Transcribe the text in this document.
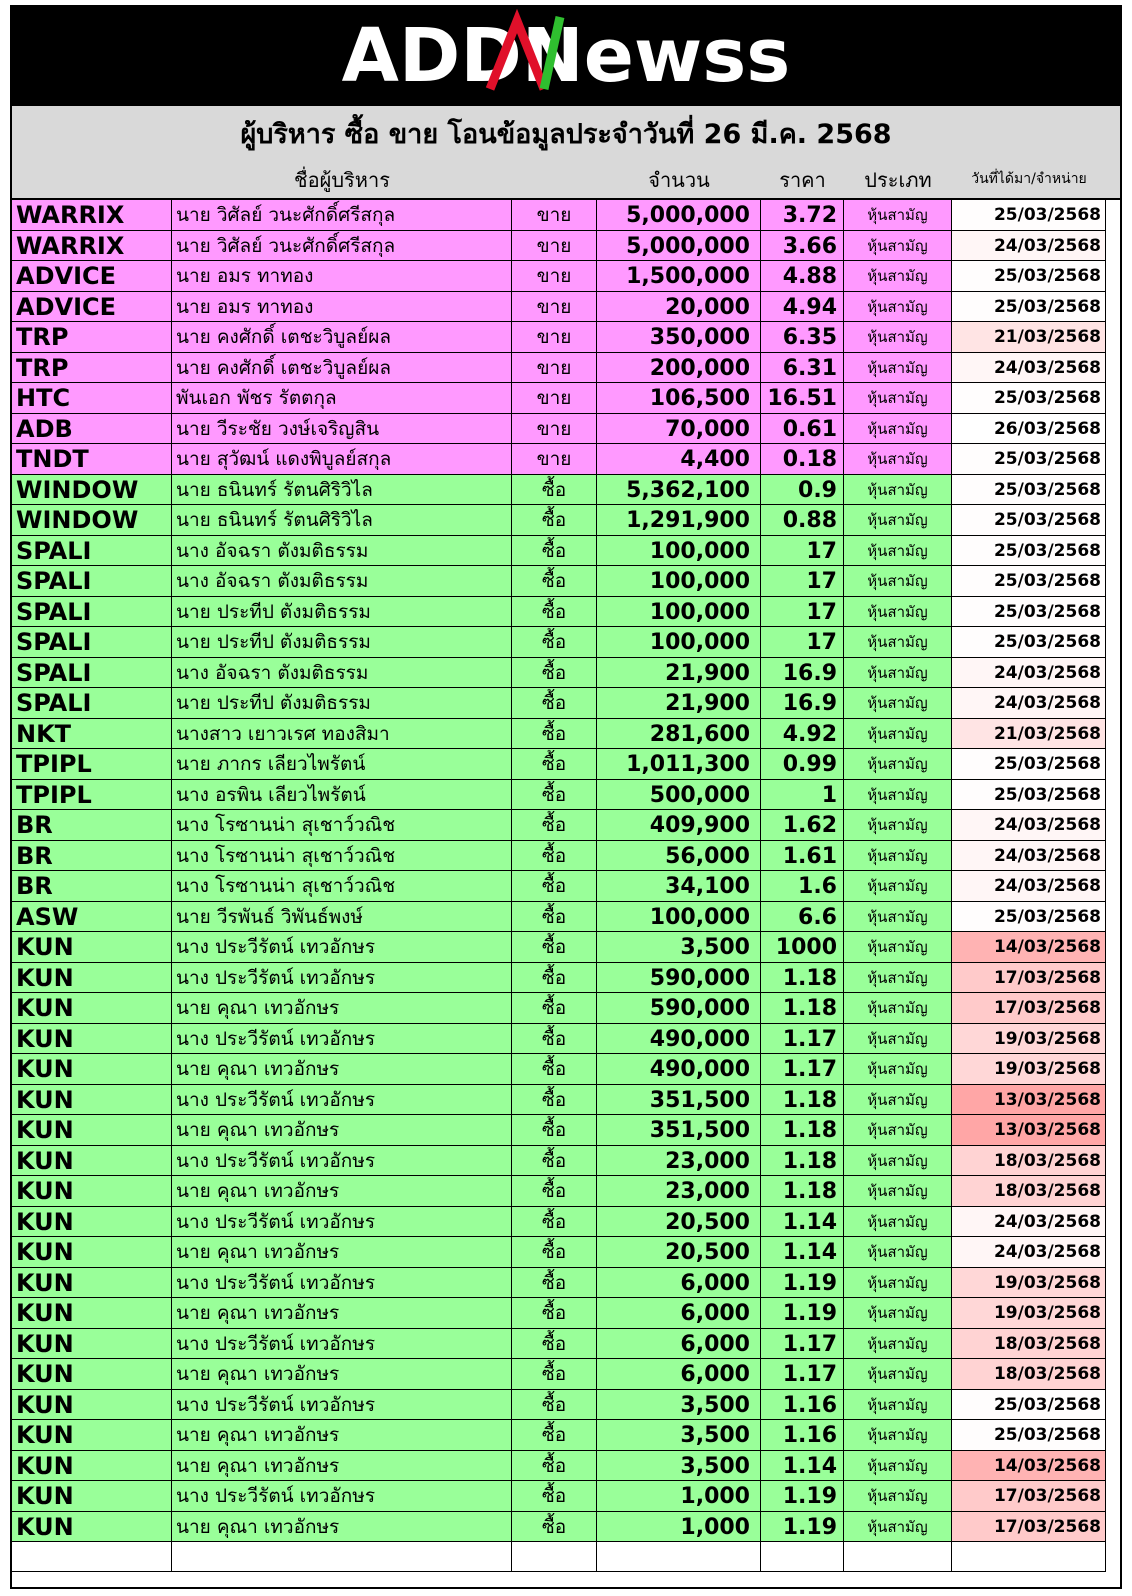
ADDNewss
ผู้บริหาร ซื้อ ขาย โอนข้อมูลประจำวันที่ 26 มี.ค. 2568
ชื่อผู้บริหาร	จำนวน	ราคา	ประเภท	วันที่ได้มา/จำหน่าย
WARRIX	นาย วิศัลย์ วนะศักดิ์ศรีสกุล	ขาย	5,000,000	3.72	หุ้นสามัญ	25/03/2568
WARRIX	นาย วิศัลย์ วนะศักดิ์ศรีสกุล	ขาย	5,000,000	3.66	หุ้นสามัญ	24/03/2568
ADVICE	นาย อมร ทาทอง	ขาย	1,500,000	4.88	หุ้นสามัญ	25/03/2568
ADVICE	นาย อมร ทาทอง	ขาย	20,000	4.94	หุ้นสามัญ	25/03/2568
TRP	นาย คงศักดิ์ เตชะวิบูลย์ผล	ขาย	350,000	6.35	หุ้นสามัญ	21/03/2568
TRP	นาย คงศักดิ์ เตชะวิบูลย์ผล	ขาย	200,000	6.31	หุ้นสามัญ	24/03/2568
HTC	พันเอก พัชร รัตตกุล	ขาย	106,500 16.51	หุ้นสามัญ	25/03/2568
ADB	นาย วีระชัย วงษ์เจริญสิน	ขาย	70,000	0.61	หุ้นสามัญ	26/03/2568
TNDT	นาย สุวัฒน์ แดงพิบูลย์สกุล	ขาย	4,400	0.18	หุ้นสามัญ	25/03/2568
WINDOW	นาย ธนินทร์ รัตนศิริวิไล	ซื้อ	5,362,100	0.9	หุ้นสามัญ	25/03/2568
WINDOW	นาย ธนินทร์ รัตนศิริวิไล	ซื้อ	1,291,900	0.88	หุ้นสามัญ	25/03/2568
SPALI	นาง อัจฉรา ตังมติธรรม	ซื้อ	100,000	17	หุ้นสามัญ	25/03/2568
SPALI	นาง อัจฉรา ตังมติธรรม	ซื้อ	100,000	17	หุ้นสามัญ	25/03/2568
SPALI	นาย ประทีป ตังมติธรรม	ซื้อ	100,000	17	หุ้นสามัญ	25/03/2568
SPALI	นาย ประทีป ตังมติธรรม	ซื้อ	100,000	17	หุ้นสามัญ	25/03/2568
SPALI	นาง อัจฉรา ตังมติธรรม	ซื้อ	21,900	16.9	หุ้นสามัญ	24/03/2568
SPALI	นาย ประทีป ตังมติธรรม	ซื้อ	21,900	16.9	หุ้นสามัญ	24/03/2568
NKT	นางสาว เยาวเรศ ทองสิมา	ซื้อ	281,600	4.92	หุ้นสามัญ	21/03/2568
TPIPL	นาย ภากร เลียวไพรัตน์	ซื้อ	1,011,300	0.99	หุ้นสามัญ	25/03/2568
TPIPL	นาง อรพิน เลียวไพรัตน์	ซื้อ	500,000	1	หุ้นสามัญ	25/03/2568
BR	นาง โรซานน่า สุเชาว์วณิช	ซื้อ	409,900	1.62	หุ้นสามัญ	24/03/2568
BR	นาง โรซานน่า สุเชาว์วณิช	ซื้อ	56,000	1.61	หุ้นสามัญ	24/03/2568
BR	นาง โรซานน่า สุเชาว์วณิช	ซื้อ	34,100	1.6	หุ้นสามัญ	24/03/2568
ASW	นาย วีรพันธ์ วิพันธ์พงษ์	ซื้อ	100,000	6.6	หุ้นสามัญ	25/03/2568
KUN	นาง ประวีรัตน์ เทวอักษร	ซื้อ	3,500	1000	หุ้นสามัญ	14/03/2568
KUN	นาง ประวีรัตน์ เทวอักษร	ซื้อ	590,000	1.18	หุ้นสามัญ	17/03/2568
KUN	นาย คุณา เทวอักษร	ซื้อ	590,000	1.18	หุ้นสามัญ	17/03/2568
KUN	นาง ประวีรัตน์ เทวอักษร	ซื้อ	490,000	1.17	หุ้นสามัญ	19/03/2568
KUN	นาย คุณา เทวอักษร	ซื้อ	490,000	1.17	หุ้นสามัญ	19/03/2568
KUN	นาง ประวีรัตน์ เทวอักษร	ซื้อ	351,500	1.18	หุ้นสามัญ	13/03/2568
KUN	นาย คุณา เทวอักษร	ซื้อ	351,500	1.18	หุ้นสามัญ	13/03/2568
KUN	นาง ประวีรัตน์ เทวอักษร	ซื้อ	23,000	1.18	หุ้นสามัญ	18/03/2568
KUN	นาย คุณา เทวอักษร	ซื้อ	23,000	1.18	หุ้นสามัญ	18/03/2568
KUN	นาง ประวีรัตน์ เทวอักษร	ซื้อ	20,500	1.14	หุ้นสามัญ	24/03/2568
KUN	นาย คุณา เทวอักษร	ซื้อ	20,500	1.14	หุ้นสามัญ	24/03/2568
KUN	นาง ประวีรัตน์ เทวอักษร	ซื้อ	6,000	1.19	หุ้นสามัญ	19/03/2568
KUN	นาย คุณา เทวอักษร	ซื้อ	6,000	1.19	หุ้นสามัญ	19/03/2568
KUN	นาง ประวีรัตน์ เทวอักษร	ซื้อ	6,000	1.17	หุ้นสามัญ	18/03/2568
KUN	นาย คุณา เทวอักษร	ซื้อ	6,000	1.17	หุ้นสามัญ	18/03/2568
KUN	นาง ประวีรัตน์ เทวอักษร	ซื้อ	3,500	1.16	หุ้นสามัญ	25/03/2568
KUN	นาย คุณา เทวอักษร	ซื้อ	3,500	1.16	หุ้นสามัญ	25/03/2568
KUN	นาย คุณา เทวอักษร	ซื้อ	3,500	1.14	หุ้นสามัญ	14/03/2568
KUN	นาง ประวีรัตน์ เทวอักษร	ซื้อ	1,000	1.19	หุ้นสามัญ	17/03/2568
KUN	นาย คุณา เทวอักษร	ซื้อ	1,000	1.19	หุ้นสามัญ	17/03/2568
